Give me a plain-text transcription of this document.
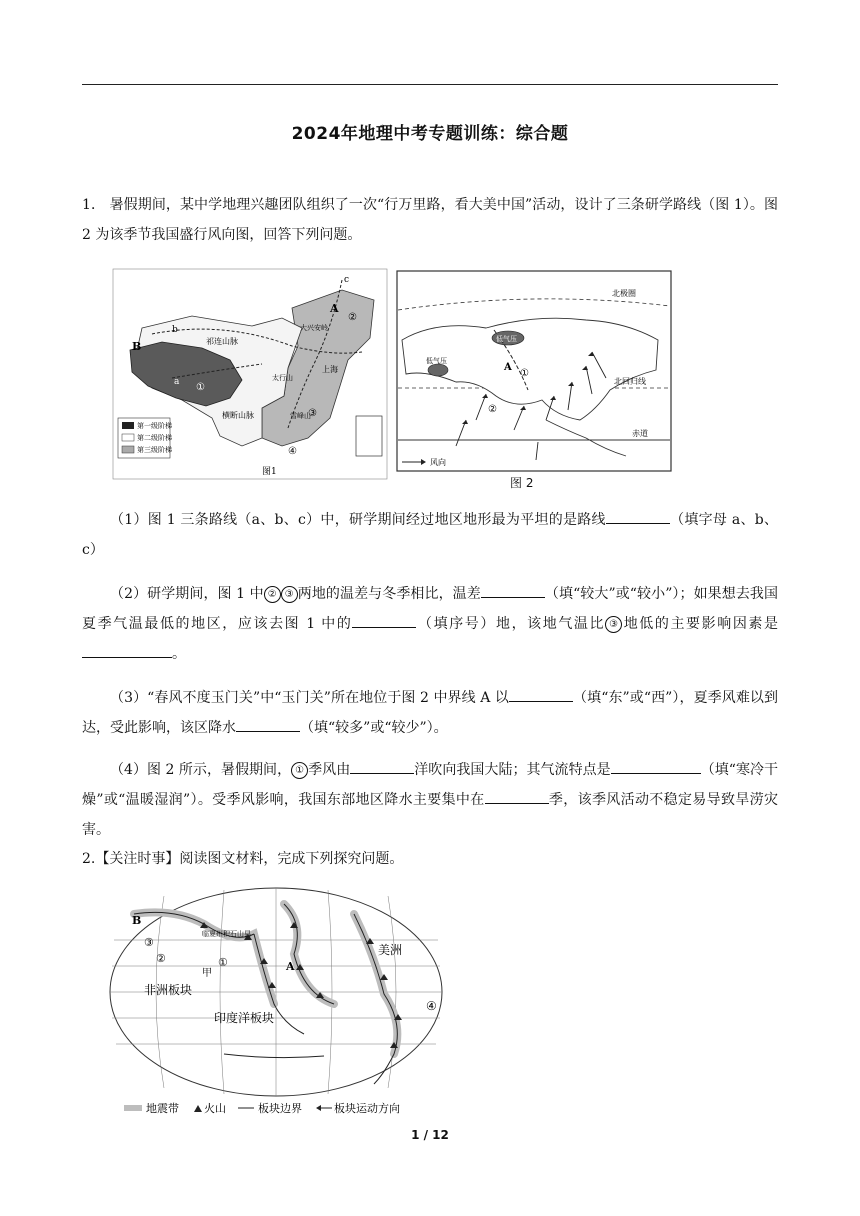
2024年地理中考专题训练：综合题
1． 暑假期间，某中学地理兴趣团队组织了一次“行万里路，看大美中国”活动，设计了三条研学路线（图 1）。图 2 为该季节我国盛行风向图，回答下列问题。
第一级阶梯
第二级阶梯
第三级阶梯
c
A
b
B
a
祁连山脉
大兴安岭
横断山脉
太行山
雪峰山
上海
①
②
③
④
图1
北极圈
北回归线
赤道
低气压
低气压
A
①
②
风向
图 2
（1）图 1 三条路线（a、b、c）中，研学期间经过地区地形最为平坦的是路线	（填字母 a、b、c）
（2）研学期间，图 1 中 ② ③ 两地的温差与冬季相比，温差	（填“较大”或“较小”）；如果想去我国夏季气温最低的地区，应该去图 1 中的	（填序号）地，该地气温比 ③ 地低的主要影响因素是。
（3）“春风不度玉门关”中“玉门关”所在地位于图 2 中界线 A 以	（填“东”或“西”），夏季风难以到达，受此影响，该区降水	（填“较多”或“较少”）。
（4）图 2 所示，暑假期间， ① 季风由	洋吹向我国大陆；其气流特点是	（填“寒冷干燥”或“温暖湿润”）。受季风影响，我国东部地区降水主要集中在	季，该季风活动不稳定易导致旱涝灾害。
2.【关注时事】阅读图文材料，完成下列探究问题。
B
③
②	①
甲
A
临夏州积石山县
美洲
非洲板块
印度洋板块
④
地震带 火山	板块边界	板块运动方向
1 / 12
